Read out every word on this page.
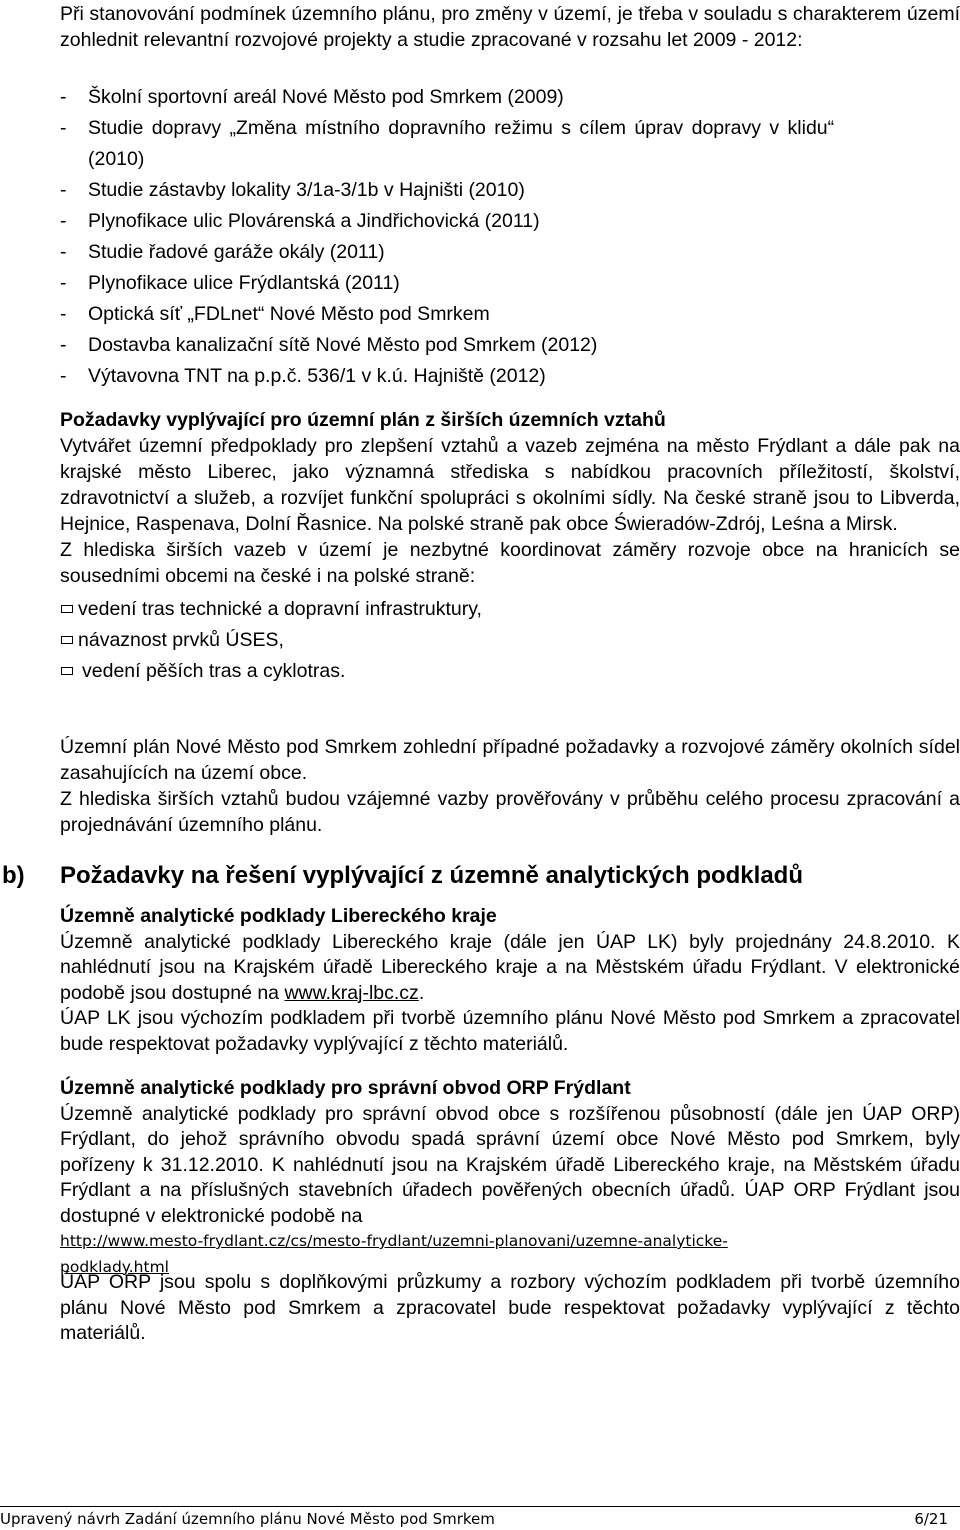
Při stanovování podmínek územního plánu, pro změny v území, je třeba v souladu s charakterem území zohlednit relevantní rozvojové projekty a studie zpracované v rozsahu let 2009 - 2012:

-	Školní sportovní areál Nové Město pod Smrkem (2009)
-	Studie dopravy „Změna místního dopravního režimu s cílem úprav dopravy v klidu“
(2010)
-	Studie zástavby lokality 3/1a-3/1b v Hajništi (2010)
-	Plynofikace ulic Plovárenská a Jindřichovická (2011)
-	Studie řadové garáže okály (2011)
-	Plynofikace ulice Frýdlantská (2011)
-	Optická síť „FDLnet“ Nové Město pod Smrkem
-	Dostavba kanalizační sítě Nové Město pod Smrkem (2012)
-	Výtavovna TNT na p.p.č. 536/1 v k.ú. Hajniště (2012)

Požadavky vyplývající pro územní plán z širších územních vztahů

Vytvářet územní předpoklady pro zlepšení vztahů a vazeb zejména na město Frýdlant a dále pak na krajské město Liberec, jako významná střediska s nabídkou pracovních příležitostí, školství, zdravotnictví a služeb, a rozvíjet funkční spolupráci s okolními sídly. Na české straně jsou to Libverda, Hejnice, Raspenava, Dolní Řasnice. Na polské straně pak obce Świeradów-Zdrój, Leśna a Mirsk.

Z hlediska širších vazeb v území je nezbytné koordinovat záměry rozvoje obce na hranicích se sousedními obcemi na české i na polské straně:

vedení tras technické a dopravní infrastruktury,
návaznost prvků ÚSES,
vedení pěších tras a cyklotras.

Územní plán Nové Město pod Smrkem zohlední případné požadavky a rozvojové záměry okolních sídel zasahujících na území obce.

Z hlediska širších vztahů budou vzájemné vazby prověřovány v průběhu celého procesu zpracování a projednávání územního plánu.

b) Požadavky na řešení vyplývající z územně analytických podkladů

Územně analytické podklady Libereckého kraje

Územně analytické podklady Libereckého kraje (dále jen ÚAP LK) byly projednány 24.8.2010. K nahlédnutí jsou na Krajském úřadě Libereckého kraje a na Městském úřadu Frýdlant. V elektronické podobě jsou dostupné na www.kraj-lbc.cz.

ÚAP LK jsou výchozím podkladem při tvorbě územního plánu Nové Město pod Smrkem a zpracovatel bude respektovat požadavky vyplývající z těchto materiálů.

Územně analytické podklady pro správní obvod ORP Frýdlant

Územně analytické podklady pro správní obvod obce s rozšířenou působností (dále jen ÚAP ORP) Frýdlant, do jehož správního obvodu spadá správní území obce Nové Město pod Smrkem, byly pořízeny k 31.12.2010. K nahlédnutí jsou na Krajském úřadě Libereckého kraje, na Městském úřadu Frýdlant a na příslušných stavebních úřadech pověřených obecních úřadů. ÚAP ORP Frýdlant jsou dostupné v elektronické podobě na

http://www.mesto-frydlant.cz/cs/mesto-frydlant/uzemni-planovani/uzemne-analyticke-

podklady.html

ÚAP ORP jsou spolu s doplňkovými průzkumy a rozbory výchozím podkladem při tvorbě územního plánu Nové Město pod Smrkem a zpracovatel bude respektovat požadavky vyplývající z těchto materiálů.

Upravený návrh Zadání územního plánu Nové Město pod Smrkem	6/21
